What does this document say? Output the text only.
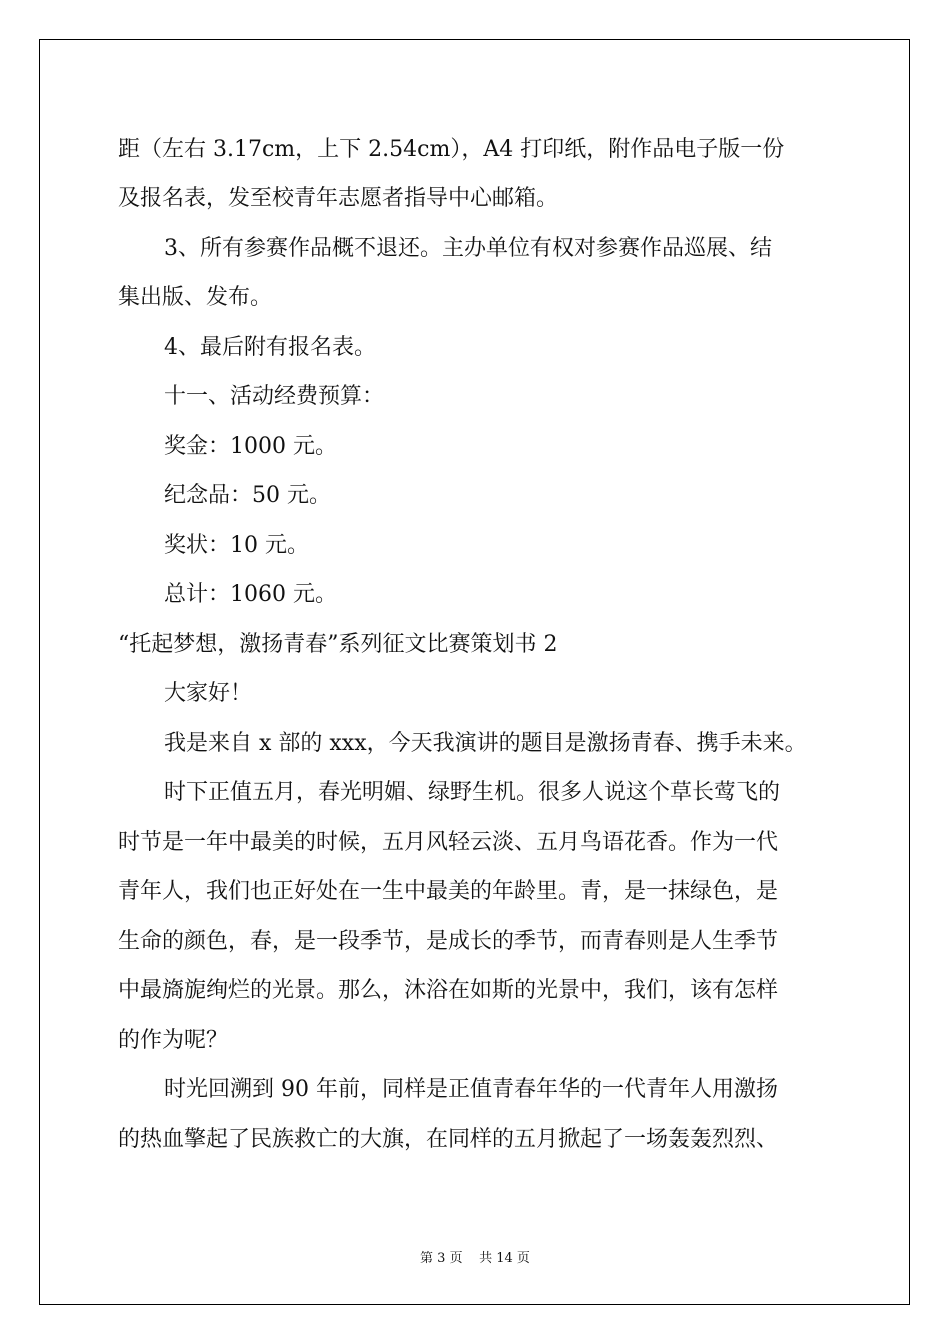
距（左右 3.17cm，上下 2.54cm），A4 打印纸，附作品电子版一份
及报名表，发至校青年志愿者指导中心邮箱。
3、所有参赛作品概不退还。主办单位有权对参赛作品巡展、结
集出版、发布。
4、最后附有报名表。
十一、活动经费预算：
奖金：1000 元。
纪念品：50 元。
奖状：10 元。
总计：1060 元。
“托起梦想，激扬青春”系列征文比赛策划书 2
大家好！
我是来自 x 部的 xxx，今天我演讲的题目是激扬青春、携手未来。
时下正值五月，春光明媚、绿野生机。很多人说这个草长莺飞的
时节是一年中最美的时候，五月风轻云淡、五月鸟语花香。作为一代
青年人，我们也正好处在一生中最美的年龄里。青，是一抹绿色，是
生命的颜色，春，是一段季节，是成长的季节，而青春则是人生季节
中最旖旎绚烂的光景。那么，沐浴在如斯的光景中，我们，该有怎样
的作为呢？
时光回溯到 90 年前，同样是正值青春年华的一代青年人用激扬
的热血擎起了民族救亡的大旗，在同样的五月掀起了一场轰轰烈烈、
第 3 页 共 14 页
